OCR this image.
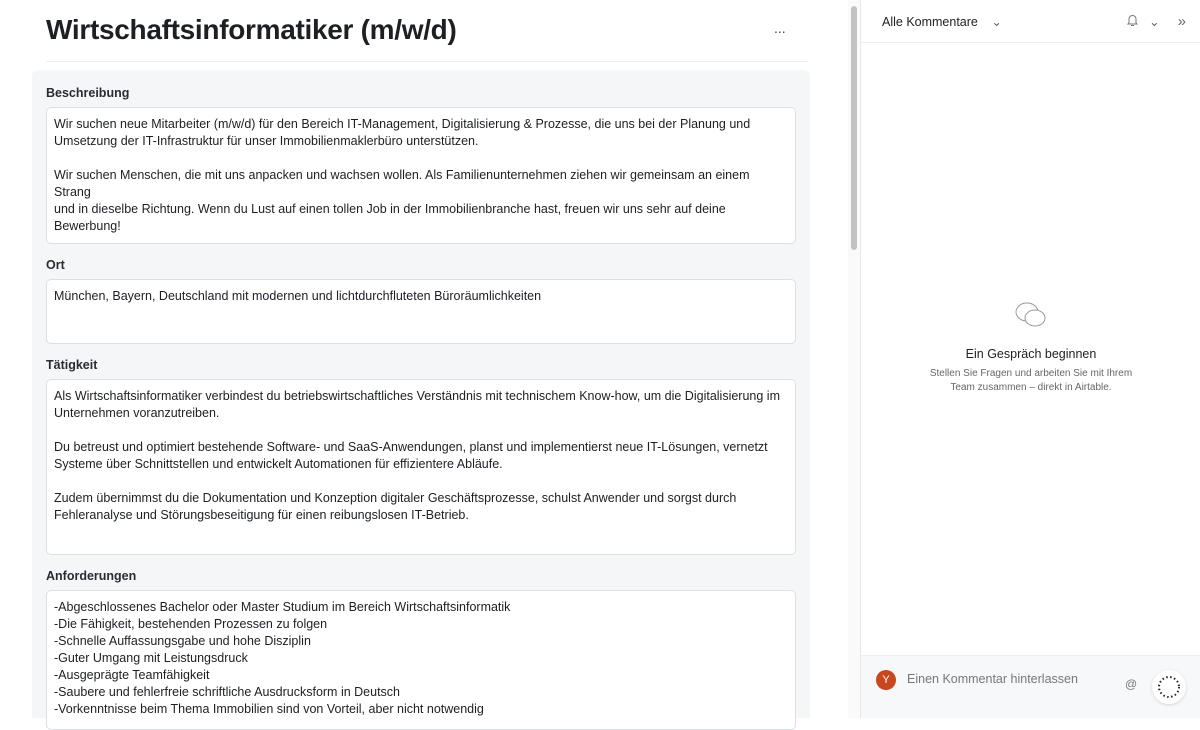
Wirtschaftsinformatiker (m/w/d)	...
Beschreibung
Wir suchen neue Mitarbeiter (m/w/d) für den Bereich IT-Management, Digitalisierung & Prozesse, die uns bei der Planung und
Umsetzung der IT-Infrastruktur für unser Immobilienmaklerbüro unterstützen.

Wir suchen Menschen, die mit uns anpacken und wachsen wollen. Als Familienunternehmen ziehen wir gemeinsam an einem Strang
und in dieselbe Richtung. Wenn du Lust auf einen tollen Job in der Immobilienbranche hast, freuen wir uns sehr auf deine Bewerbung!
Ort
München, Bayern, Deutschland mit modernen und lichtdurchfluteten Büroräumlichkeiten
Tätigkeit
Als Wirtschaftsinformatiker verbindest du betriebswirtschaftliches Verständnis mit technischem Know-how, um die Digitalisierung im
Unternehmen voranzutreiben.

Du betreust und optimiert bestehende Software- und SaaS-Anwendungen, planst und implementierst neue IT-Lösungen, vernetzt
Systeme über Schnittstellen und entwickelt Automationen für effizientere Abläufe.

Zudem übernimmst du die Dokumentation und Konzeption digitaler Geschäftsprozesse, schulst Anwender und sorgst durch
Fehleranalyse und Störungsbeseitigung für einen reibungslosen IT-Betrieb.
Anforderungen
-Abgeschlossenes Bachelor oder Master Studium im Bereich Wirtschaftsinformatik
-Die Fähigkeit, bestehenden Prozessen zu folgen
-Schnelle Auffassungsgabe und hohe Disziplin
-Guter Umgang mit Leistungsdruck
-Ausgeprägte Teamfähigkeit
-Saubere und fehlerfreie schriftliche Ausdrucksform in Deutsch
-Vorkenntnisse beim Thema Immobilien sind von Vorteil, aber nicht notwendig
Alle Kommentare ⌄	⌄ »
Ein Gespräch beginnen
Stellen Sie Fragen und arbeiten Sie mit Ihrem Team zusammen – direkt in Airtable.
Y	Einen Kommentar hinterlassen	@
